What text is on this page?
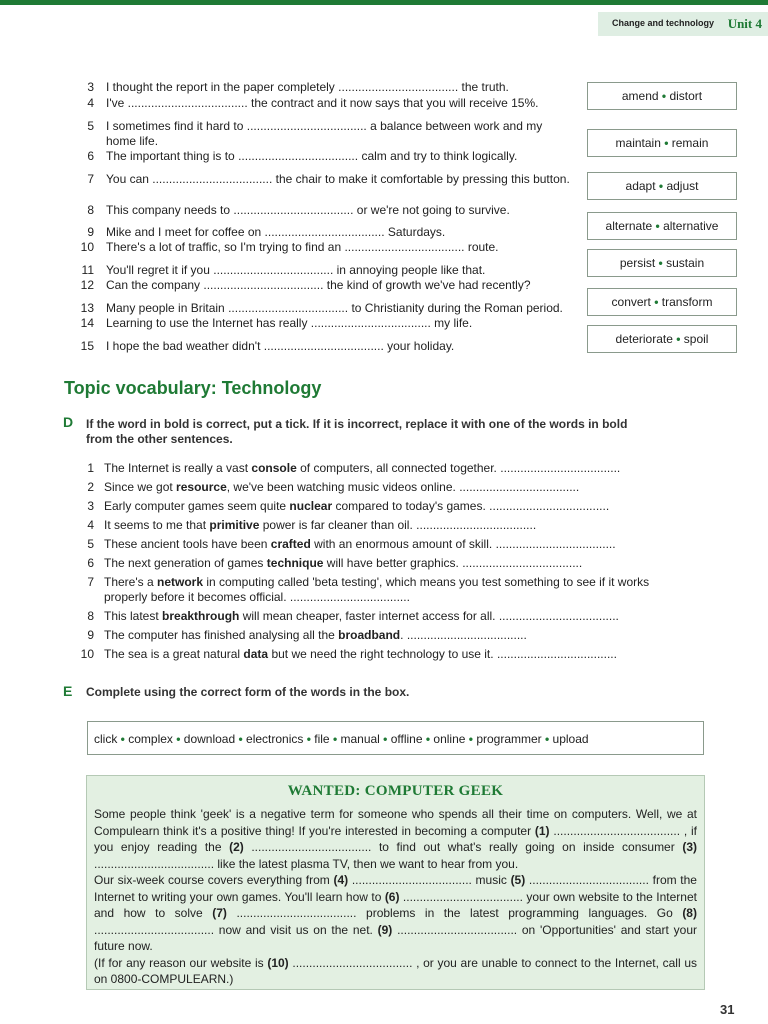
Change and technology Unit 4
3 I thought the report in the paper completely .................................... the truth.
4 I've .................................... the contract and it now says that you will receive 15%.
5 I sometimes find it hard to .................................... a balance between work and my home life.
6 The important thing is to .................................... calm and try to think logically.
7 You can .................................... the chair to make it comfortable by pressing this button.
8 This company needs to .................................... or we're not going to survive.
9 Mike and I meet for coffee on .................................... Saturdays.
10 There's a lot of traffic, so I'm trying to find an .................................... route.
11 You'll regret it if you .................................... in annoying people like that.
12 Can the company .................................... the kind of growth we've had recently?
13 Many people in Britain .................................... to Christianity during the Roman period.
14 Learning to use the Internet has really .................................... my life.
15 I hope the bad weather didn't .................................... your holiday.
amend • distort
maintain • remain
adapt • adjust
alternate • alternative
persist • sustain
convert • transform
deteriorate • spoil
Topic vocabulary: Technology
D If the word in bold is correct, put a tick. If it is incorrect, replace it with one of the words in bold from the other sentences.
1 The Internet is really a vast console of computers, all connected together. ....................................
2 Since we got resource, we've been watching music videos online. ....................................
3 Early computer games seem quite nuclear compared to today's games. ....................................
4 It seems to me that primitive power is far cleaner than oil. ....................................
5 These ancient tools have been crafted with an enormous amount of skill. ....................................
6 The next generation of games technique will have better graphics. ....................................
7 There's a network in computing called 'beta testing', which means you test something to see if it works properly before it becomes official. ....................................
8 This latest breakthrough will mean cheaper, faster internet access for all. ....................................
9 The computer has finished analysing all the broadband. ....................................
10 The sea is a great natural data but we need the right technology to use it. ....................................
E Complete using the correct form of the words in the box.
click • complex • download • electronics • file • manual • offline • online • programmer • upload
WANTED: COMPUTER GEEK
Some people think 'geek' is a negative term for someone who spends all their time on computers. Well, we at Compulearn think it's a positive thing! If you're interested in becoming a computer (1) ...................................... , if you enjoy reading the (2) .................................... to find out what's really going on inside consumer (3) .................................... like the latest plasma TV, then we want to hear from you.
Our six-week course covers everything from (4) .................................... music (5) .................................... from the Internet to writing your own games. You'll learn how to (6) .................................... your own website to the Internet and how to solve (7) .................................... problems in the latest programming languages. Go (8) .................................... now and visit us on the net. (9) .................................... on 'Opportunities' and start your future now.
(If for any reason our website is (10) .................................... , or you are unable to connect to the Internet, call us on 0800-COMPULEARN.)
31
